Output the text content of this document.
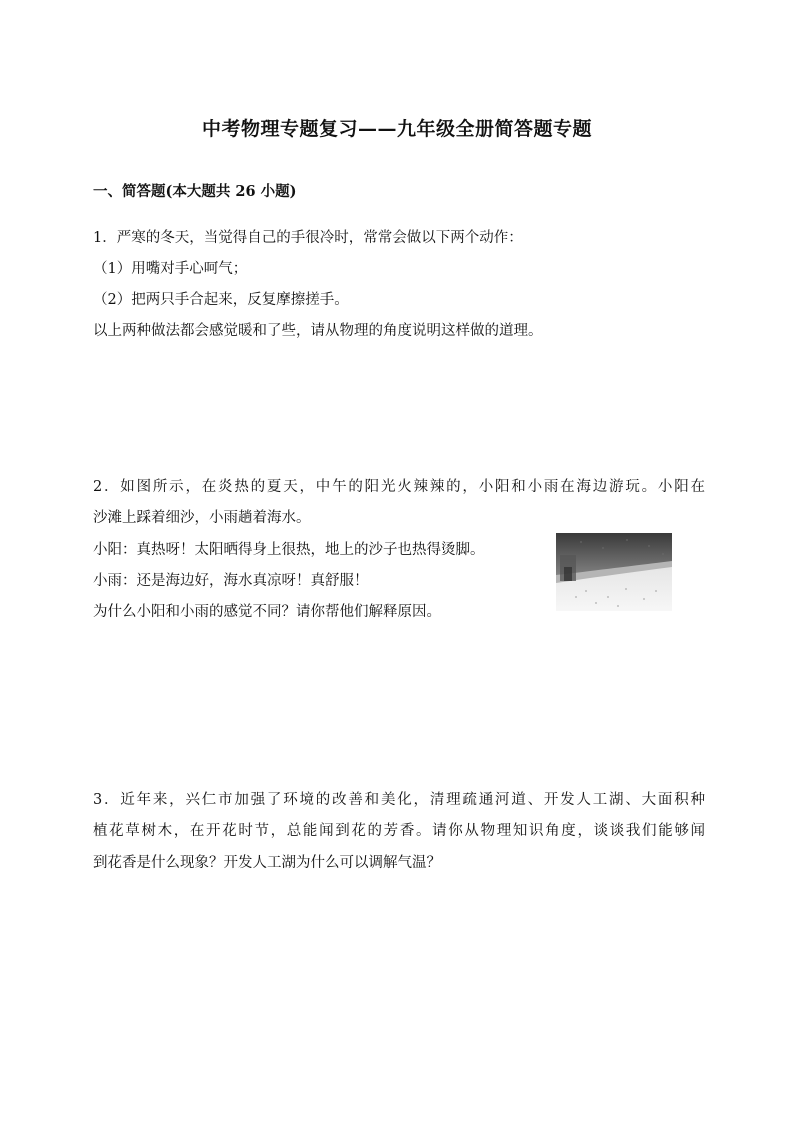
中考物理专题复习——九年级全册简答题专题
一、简答题(本大题共 26 小题)
1．严寒的冬天，当觉得自己的手很冷时，常常会做以下两个动作：
（1）用嘴对手心呵气；
（2）把两只手合起来，反复摩擦搓手。
以上两种做法都会感觉暖和了些，请从物理的角度说明这样做的道理。
2．如图所示，在炎热的夏天，中午的阳光火辣辣的，小阳和小雨在海边游玩。小阳在
沙滩上踩着细沙，小雨趟着海水。
小阳：真热呀！太阳晒得身上很热，地上的沙子也热得烫脚。
小雨：还是海边好，海水真凉呀！真舒服！
为什么小阳和小雨的感觉不同？请你帮他们解释原因。
3．近年来，兴仁市加强了环境的改善和美化，清理疏通河道、开发人工湖、大面积种
植花草树木，在开花时节，总能闻到花的芳香。请你从物理知识角度，谈谈我们能够闻
到花香是什么现象？开发人工湖为什么可以调解气温？
